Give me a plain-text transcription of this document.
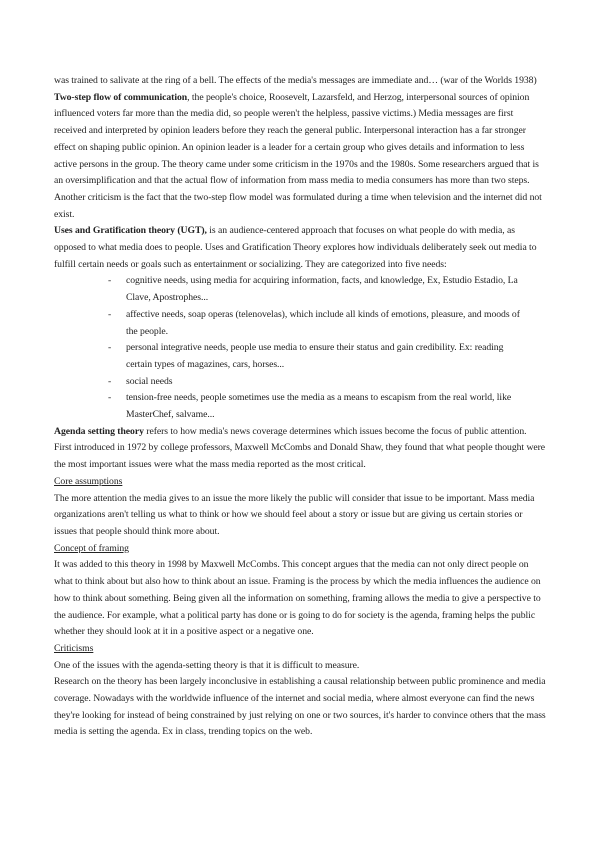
was trained to salivate at the ring of a bell. The effects of the media's messages are immediate and… (war of the Worlds 1938)

Two-step flow of communication, the people's choice, Roosevelt, Lazarsfeld, and Herzog, interpersonal sources of opinion influenced voters far more than the media did, so people weren't the helpless, passive victims.) Media messages are first received and interpreted by opinion leaders before they reach the general public. Interpersonal interaction has a far stronger effect on shaping public opinion. An opinion leader is a leader for a certain group who gives details and information to less active persons in the group. The theory came under some criticism in the 1970s and the 1980s. Some researchers argued that is an oversimplification and that the actual flow of information from mass media to media consumers has more than two steps. Another criticism is the fact that the two-step flow model was formulated during a time when television and the internet did not exist.

Uses and Gratification theory (UGT), is an audience-centered approach that focuses on what people do with media, as opposed to what media does to people. Uses and Gratification Theory explores how individuals deliberately seek out media to fulfill certain needs or goals such as entertainment or socializing. They are categorized into five needs:

- cognitive needs, using media for acquiring information, facts, and knowledge, Ex, Estudio Estadio, La Clave, Apostrophes...
- affective needs, soap operas (telenovelas), which include all kinds of emotions, pleasure, and moods of the people.
- personal integrative needs, people use media to ensure their status and gain credibility. Ex: reading certain types of magazines, cars, horses...
- social needs
- tension-free needs, people sometimes use the media as a means to escapism from the real world, like MasterChef, salvame...

Agenda setting theory refers to how media's news coverage determines which issues become the focus of public attention. First introduced in 1972 by college professors, Maxwell McCombs and Donald Shaw, they found that what people thought were the most important issues were what the mass media reported as the most critical.

Core assumptions

The more attention the media gives to an issue the more likely the public will consider that issue to be important. Mass media organizations aren't telling us what to think or how we should feel about a story or issue but are giving us certain stories or issues that people should think more about.

Concept of framing

It was added to this theory in 1998 by Maxwell McCombs. This concept argues that the media can not only direct people on what to think about but also how to think about an issue. Framing is the process by which the media influences the audience on how to think about something. Being given all the information on something, framing allows the media to give a perspective to the audience. For example, what a political party has done or is going to do for society is the agenda, framing helps the public whether they should look at it in a positive aspect or a negative one.

Criticisms

One of the issues with the agenda-setting theory is that it is difficult to measure.

Research on the theory has been largely inconclusive in establishing a causal relationship between public prominence and media coverage. Nowadays with the worldwide influence of the internet and social media, where almost everyone can find the news they're looking for instead of being constrained by just relying on one or two sources, it's harder to convince others that the mass media is setting the agenda. Ex in class, trending topics on the web.
